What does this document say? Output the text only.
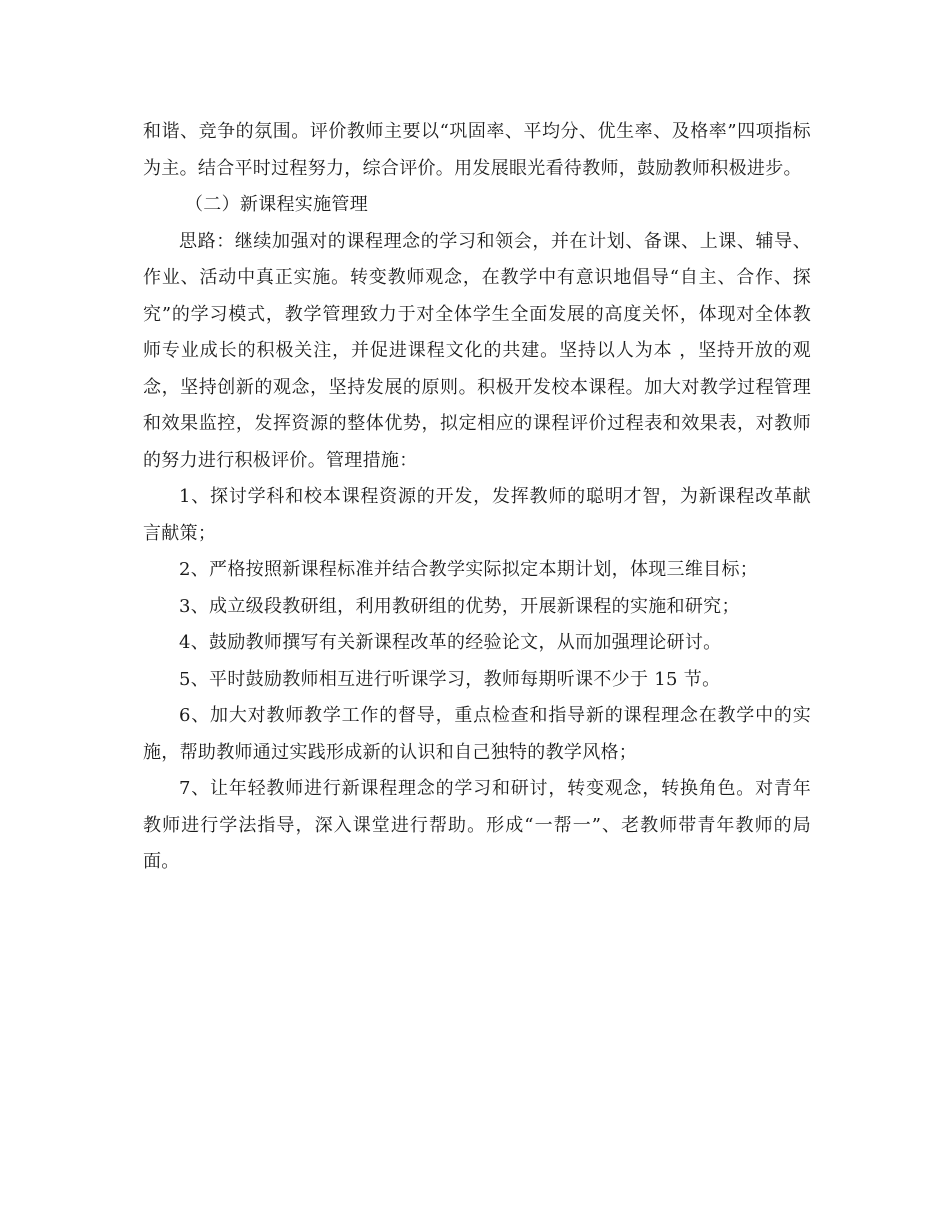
和谐、竞争的氛围。评价教师主要以“巩固率、平均分、优生率、及格率”四项指标为主。结合平时过程努力，综合评价。用发展眼光看待教师，鼓励教师积极进步。

（二）新课程实施管理

思路：继续加强对的课程理念的学习和领会，并在计划、备课、上课、辅导、作业、活动中真正实施。转变教师观念，在教学中有意识地倡导“自主、合作、探究”的学习模式，教学管理致力于对全体学生全面发展的高度关怀，体现对全体教师专业成长的积极关注，并促进课程文化的共建。坚持以人为本 ，坚持开放的观念，坚持创新的观念，坚持发展的原则。积极开发校本课程。加大对教学过程管理和效果监控，发挥资源的整体优势，拟定相应的课程评价过程表和效果表，对教师的努力进行积极评价。管理措施：

1、探讨学科和校本课程资源的开发，发挥教师的聪明才智，为新课程改革献言献策；

2、严格按照新课程标准并结合教学实际拟定本期计划，体现三维目标；

3、成立级段教研组，利用教研组的优势，开展新课程的实施和研究；

4、鼓励教师撰写有关新课程改革的经验论文，从而加强理论研讨。

5、平时鼓励教师相互进行听课学习，教师每期听课不少于 15 节。

6、加大对教师教学工作的督导，重点检查和指导新的课程理念在教学中的实施，帮助教师通过实践形成新的认识和自己独特的教学风格；

7、让年轻教师进行新课程理念的学习和研讨，转变观念，转换角色。对青年教师进行学法指导，深入课堂进行帮助。形成“一帮一”、老教师带青年教师的局面。
